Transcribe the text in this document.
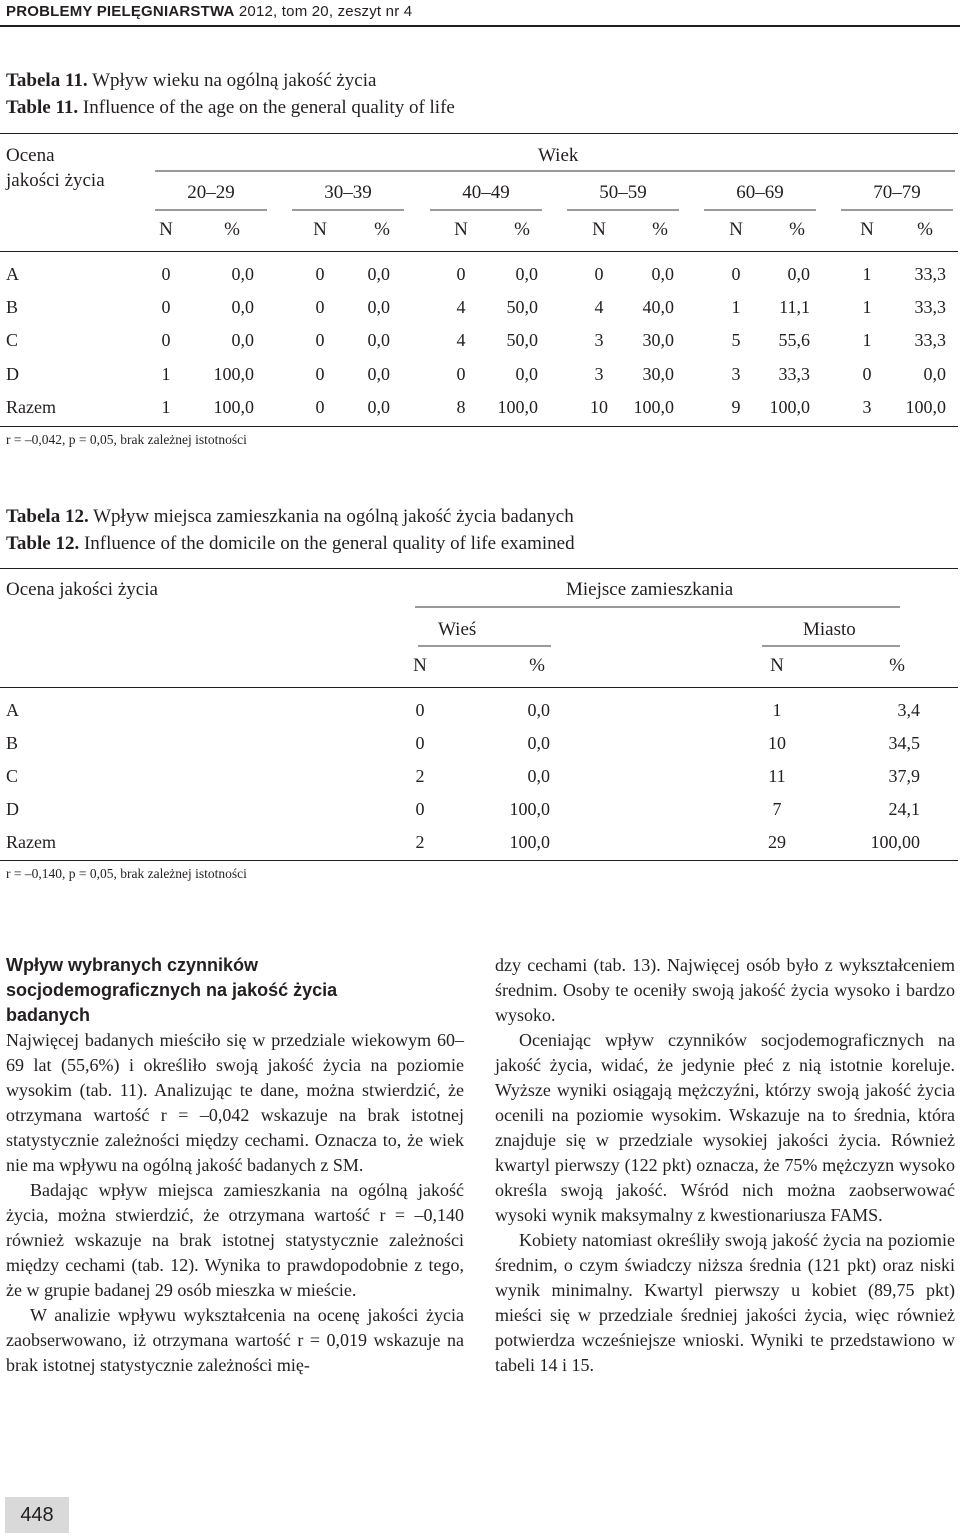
PROBLEMY PIELĘGNIARSTWA 2012, tom 20, zeszyt nr 4
Tabela 11. Wpływ wieku na ogólną jakość życia
Table 11. Influence of the age on the general quality of life
Ocena
jakości życia
Wiek
20–29	30–39	40–49	50–59	60–69	70–79
N	%	N	%	N	%	N	%	N	%	N	%
A	0	0,0	0	0,0	0	0,0	0	0,0	0	0,0	1	33,3
B	0	0,0	0	0,0	4	50,0	4	40,0	1	11,1	1	33,3
C	0	0,0	0	0,0	4	50,0	3	30,0	5	55,6	1	33,3
D	1	100,0	0	0,0	0	0,0	3	30,0	3	33,3	0	0,0
Razem	1	100,0	0	0,0	8	100,0	10	100,0	9	100,0	3	100,0
r = –0,042, p = 0,05, brak zależnej istotności
Tabela 12. Wpływ miejsca zamieszkania na ogólną jakość życia badanych
Table 12. Influence of the domicile on the general quality of life examined
Ocena jakości życia	Miejsce zamieszkania
Wieś	Miasto
N	%	N	%
A	0	0,0	1	3,4
B	0	0,0	10	34,5
C	2	0,0	11	37,9
D	0	100,0	7	24,1
Razem	2	100,0	29	100,00
r = –0,140, p = 0,05, brak zależnej istotności
Wpływ wybranych czynników
socjodemograficznych na jakość życia
badanych

Najwięcej badanych mieściło się w przedziale wiekowym 60–69 lat (55,6%) i określiło swoją jakość życia na poziomie wysokim (tab. 11). Analizując te dane, można stwierdzić, że otrzymana wartość r = –0,042 wskazuje na brak istotnej statystycznie zależności między cechami. Oznacza to, że wiek nie ma wpływu na ogólną jakość badanych z SM.

Badając wpływ miejsca zamieszkania na ogólną jakość życia, można stwierdzić, że otrzymana wartość r = –0,140 również wskazuje na brak istotnej statystycznie zależności między cechami (tab. 12). Wynika to prawdopodobnie z tego, że w grupie badanej 29 osób mieszka w mieście.

W analizie wpływu wykształcenia na ocenę jakości życia zaobserwowano, iż otrzymana wartość r = 0,019 wskazuje na brak istotnej statystycznie zależności mię-

dzy cechami (tab. 13). Najwięcej osób było z wykształceniem średnim. Osoby te oceniły swoją jakość życia wysoko i bardzo wysoko.

Oceniając wpływ czynników socjodemograficznych na jakość życia, widać, że jedynie płeć z nią istotnie koreluje. Wyższe wyniki osiągają mężczyźni, którzy swoją jakość życia ocenili na poziomie wysokim. Wskazuje na to średnia, która znajduje się w przedziale wysokiej jakości życia. Również kwartyl pierwszy (122 pkt) oznacza, że 75% mężczyzn wysoko określa swoją jakość. Wśród nich można zaobserwować wysoki wynik maksymalny z kwestionariusza FAMS.

Kobiety natomiast określiły swoją jakość życia na poziomie średnim, o czym świadczy niższa średnia (121 pkt) oraz niski wynik minimalny. Kwartyl pierwszy u kobiet (89,75 pkt) mieści się w przedziale średniej jakości życia, więc również potwierdza wcześniejsze wnioski. Wyniki te przedstawiono w tabeli 14 i 15.

448
